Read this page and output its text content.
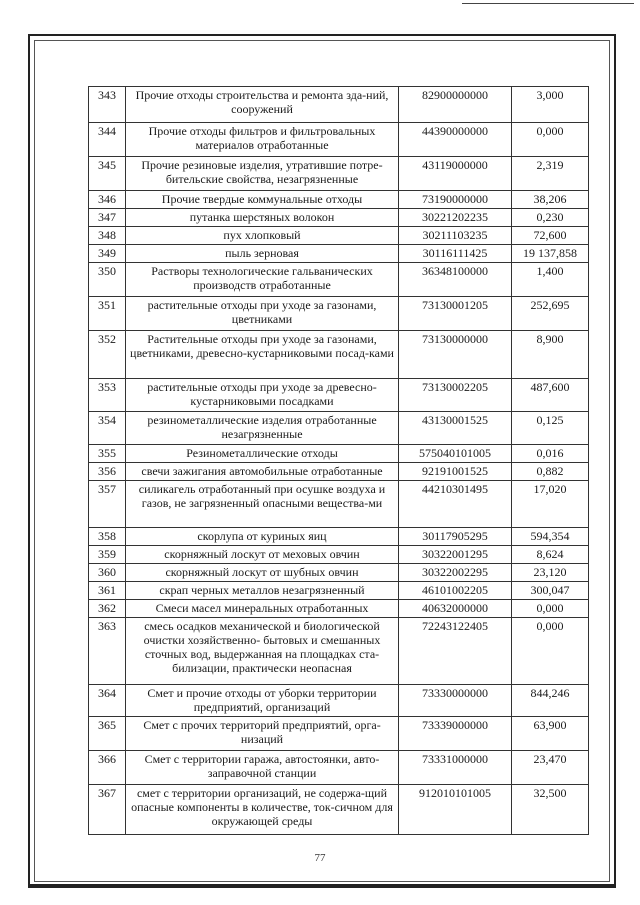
343	Прочие отходы строительства и ремонта зда-ний, сооружений	82900000000	3,000
344	Прочие отходы фильтров и фильтровальных материалов отработанные	44390000000	0,000
345	Прочие резиновые изделия, утратившие потре-бительские свойства, незагрязненные	43119000000	2,319
346	Прочие твердые коммунальные отходы	73190000000	38,206
347	путанка шерстяных волокон	30221202235	0,230
348	пух хлопковый	30211103235	72,600
349	пыль зерновая	30116111425	19 137,858
350	Растворы технологические гальванических производств отработанные	36348100000	1,400
351	растительные отходы при уходе за газонами, цветниками	73130001205	252,695
352	Растительные отходы при уходе за газонами, цветниками, древесно-кустарниковыми посад-ками	73130000000	8,900
353	растительные отходы при уходе за древесно-кустарниковыми посадками	73130002205	487,600
354	резинометаллические изделия отработанные незагрязненные	43130001525	0,125
355	Резинометаллические отходы	575040101005	0,016
356	свечи зажигания автомобильные отработанные	92191001525	0,882
357	силикагель отработанный при осушке воздуха и газов, не загрязненный опасными вещества-ми	44210301495	17,020
358	скорлупа от куриных яиц	30117905295	594,354
359	скорняжный лоскут от меховых овчин	30322001295	8,624
360	скорняжный лоскут от шубных овчин	30322002295	23,120
361	скрап черных металлов незагрязненный	46101002205	300,047
362	Смеси масел минеральных отработанных	40632000000	0,000
363	смесь осадков механической и биологической очистки хозяйственно- бытовых и смешанных сточных вод, выдержанная на площадках ста-билизации, практически неопасная	72243122405	0,000
364	Смет и прочие отходы от уборки территории предприятий, организаций	73330000000	844,246
365	Смет с прочих территорий предприятий, орга-низаций	73339000000	63,900
366	Смет с территории гаража, автостоянки, авто-заправочной станции	73331000000	23,470
367	смет с территории организаций, не содержа-щий опасные компоненты в количестве, ток-сичном для окружающей среды	912010101005	32,500
77
